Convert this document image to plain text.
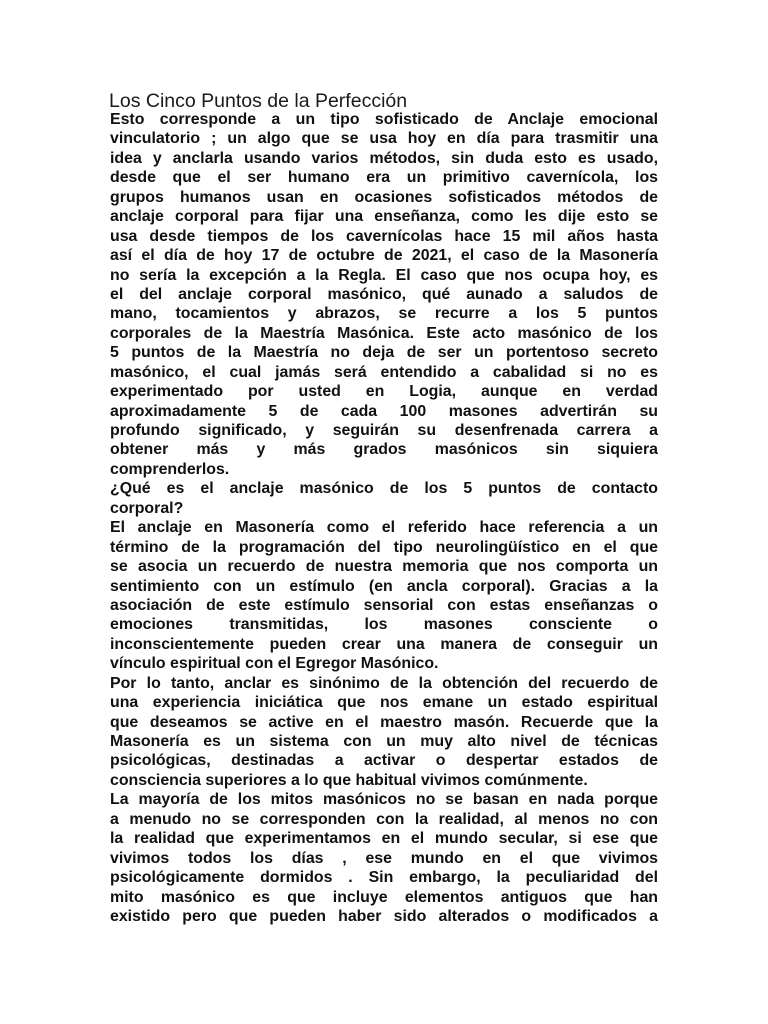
Los Cinco Puntos de la Perfección

Esto corresponde a un tipo sofisticado de Anclaje emocional
vinculatorio ; un algo que se usa hoy en día para trasmitir una
idea y anclarla usando varios métodos, sin duda esto es usado,
desde que el ser humano era un primitivo cavernícola, los
grupos humanos usan en ocasiones sofisticados métodos de
anclaje corporal para fijar una enseñanza, como les dije esto se
usa desde tiempos de los cavernícolas hace 15 mil años hasta
así el día de hoy 17 de octubre de 2021, el caso de la Masonería
no sería la excepción a la Regla. El caso que nos ocupa hoy, es
el del anclaje corporal masónico, qué aunado a saludos de
mano, tocamientos y abrazos, se recurre a los 5 puntos
corporales de la Maestría Masónica. Este acto masónico de los
5 puntos de la Maestría no deja de ser un portentoso secreto
masónico, el cual jamás será entendido a cabalidad si no es
experimentado por usted en Logia, aunque en verdad
aproximadamente 5 de cada 100 masones advertirán su
profundo significado, y seguirán su desenfrenada carrera a
obtener más y más grados masónicos sin siquiera
comprenderlos.

¿Qué es el anclaje masónico de los 5 puntos de contacto
corporal?

El anclaje en Masonería como el referido hace referencia a un
término de la programación del tipo neurolingüístico en el que
se asocia un recuerdo de nuestra memoria que nos comporta un
sentimiento con un estímulo (en ancla corporal). Gracias a la
asociación de este estímulo sensorial con estas enseñanzas o
emociones transmitidas, los masones consciente o
inconscientemente pueden crear una manera de conseguir un
vínculo espiritual con el Egregor Masónico.

Por lo tanto, anclar es sinónimo de la obtención del recuerdo de
una experiencia iniciática que nos emane un estado espiritual
que deseamos se active en el maestro masón. Recuerde que la
Masonería es un sistema con un muy alto nivel de técnicas
psicológicas, destinadas a activar o despertar estados de
consciencia superiores a lo que habitual vivimos comúnmente.

La mayoría de los mitos masónicos no se basan en nada porque
a menudo no se corresponden con la realidad, al menos no con
la realidad que experimentamos en el mundo secular, si ese que
vivimos todos los días , ese mundo en el que vivimos
psicológicamente dormidos . Sin embargo, la peculiaridad del
mito masónico es que incluye elementos antiguos que han
existido pero que pueden haber sido alterados o modificados a
